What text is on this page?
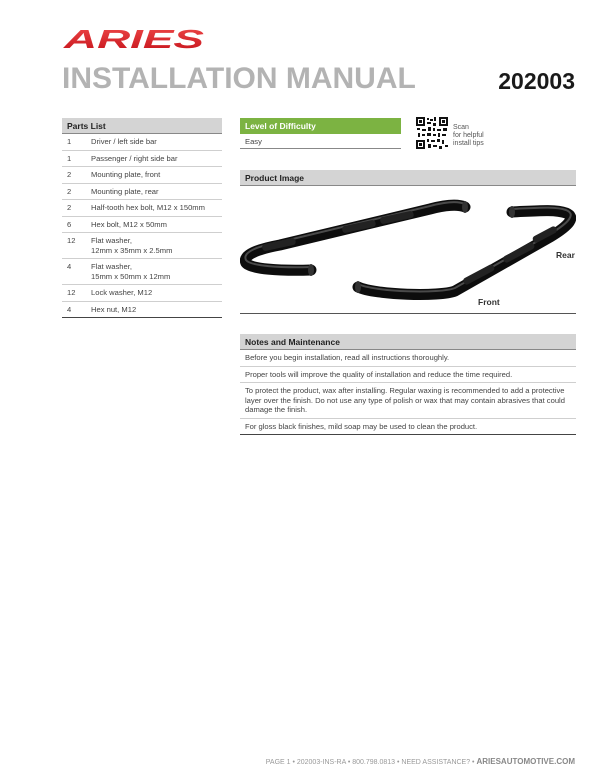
ARIES
INSTALLATION MANUAL	202003
Parts List
1	Driver / left side bar
1	Passenger / right side bar
2	Mounting plate, front
2	Mounting plate, rear
2	Half-tooth hex bolt, M12 x 150mm
6	Hex bolt, M12 x 50mm
12	Flat washer,
12mm x 35mm x 2.5mm
4	Flat washer,
15mm x 50mm x 12mm
12	Lock washer, M12
4	Hex nut, M12
Level of Difficulty
Easy
Scan
for helpful
install tips
Product Image
Rear
Front
Notes and Maintenance
Before you begin installation, read all instructions thoroughly.
Proper tools will improve the quality of installation and reduce the time required.
To protect the product, wax after installing. Regular waxing is recommended to add a protective layer over the finish. Do not use any type of polish or wax that may contain abrasives that could damage the finish.
For gloss black finishes, mild soap may be used to clean the product.
PAGE 1 • 202003-INS-RA • 800.798.0813 • NEED ASSISTANCE? • ARIESAUTOMOTIVE.COM
